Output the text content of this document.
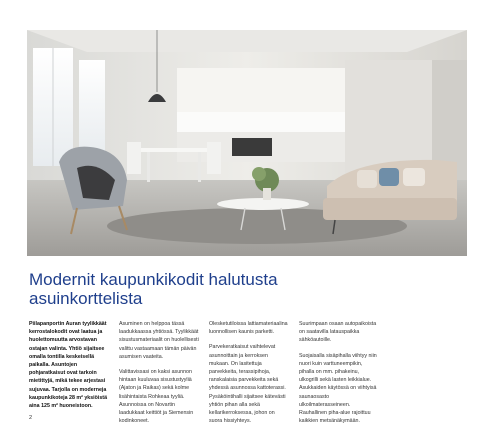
Modernit kaupunkikodit halutusta asuinkorttelista

Piilapanportin Auran tyylikkäät kerrostalokodit ovat laatua ja huolettomuutta arvostavan ostajan valinta. Yhtiö sijaitsee omalla tontilla keskeisellä paikalla. Asuntojen pohjaratkaisut ovat tarkoin mietittyjä, mikä tekee arjestasi sujuvaa. Tarjolla on moderneja kaupunkikoteja 28 m² yksiöistä aina 125 m² huoneistoon.

Asuminen on helppoa tässä laadukkaassa yhtiössä. Tyylikkäät sisustusmateriaalit on huolellisesti valittu vastaamaan tämän päivän asumisen vaateita.

Valittavissasi on kaksi asunnon hintaan kuuluvaa sisustustyyliä (Ajaton ja Raikas) sekä kolme lisähintaista Rohkeaa tyyliä. Asunnoissa on Novartin laadukkaat keittiöt ja Siemensin kodinkoneet.

Olesketutiloissa lattiamateriaalina luonnollisen kaunis parketti.

Parvekeratkaisut vaihtelevat asunnoittain ja kerroksen mukaan. On lasitettuja parvekkeita, terassipihoja, ranskalaisia parvekkeita sekä yhdessä asunnossa kattoterassi. Pysäköintihalli sijaitsee kätevästi yhtiön pihan alla sekä kellarikerroksessa, johon on suora hissiyhteys.

Suurimpaan osaan autopaikoista on saatavilla latauspaikka sähköautoille.

Suojaisalla sisäpihalla viihtyy niin nuori kuin varttuneempikin, pihalla on mm. pihakeinu, ulkogrilli sekä lasten leikkialue. Asukkaiden käytössä on viihtyisä saunaosasto ulkoilmaterasseineen. Rauhallinen piha-alue rajoittuu kaikkien metsänäkymään.

2
